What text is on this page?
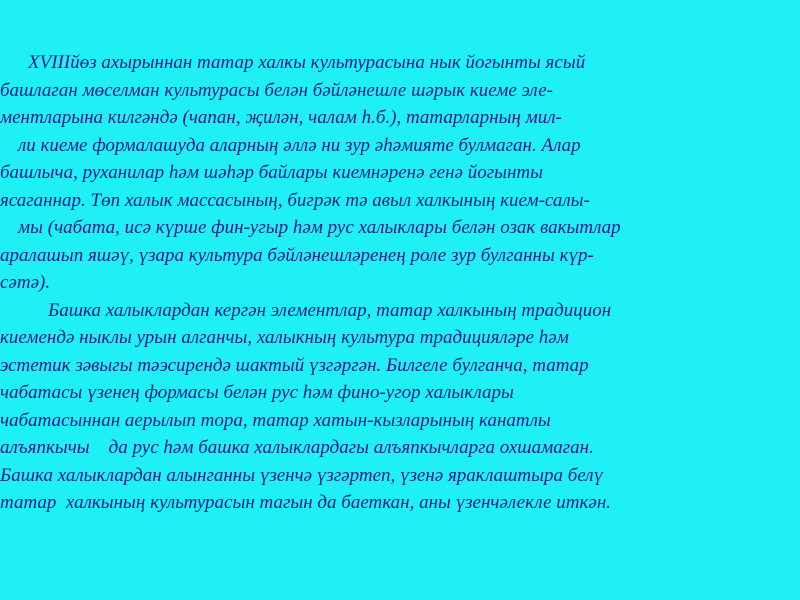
XVIIIйөз ахырыннан татар халкы культурасына нык йогынты ясый
башлаган мөселман культурасы белән бәйләнешле шәрык киеме эле-
ментларына килгәндә (чапан, җилән, чалам һ.б.), татарларның мил-
ли киеме формалашуда аларның әллә ни зур әһәмияте булмаган. Алар
башлыча, руханилар һәм шәһәр байлары киемнәренә генә йогынты
ясаганнар. Төп халык массасының, бигрәк тә авыл халкының кием-салы-
мы (чабата, исә күрше фин-угыр һәм рус халыклары белән озак вакытлар
аралашып яшәү, үзара культура бәйләнешләренең роле зур булганны күр-
сәтә).
Башка халыклардан кергән элементлар, татар халкының традицион
киемендә ныклы урын алганчы, халыкның культура традицияләре һәм
эстетик зәвыгы тәэсирендә шактый үзгәргән. Билгеле булганча, татар
чабатасы үзенең формасы белән рус һәм фино-угор халыклары
чабатасыннан аерылып тора, татар хатын-кызларының канатлы
алъяпкычы    да рус һәм башка халыклардагы алъяпкычларга охшамаган.
Башка халыклардан алынганны үзенчә үзгәртеп, үзенә яраклаштыра белү
татар  халкының культурасын тагын да баеткан, аны үзенчәлекле иткән.
